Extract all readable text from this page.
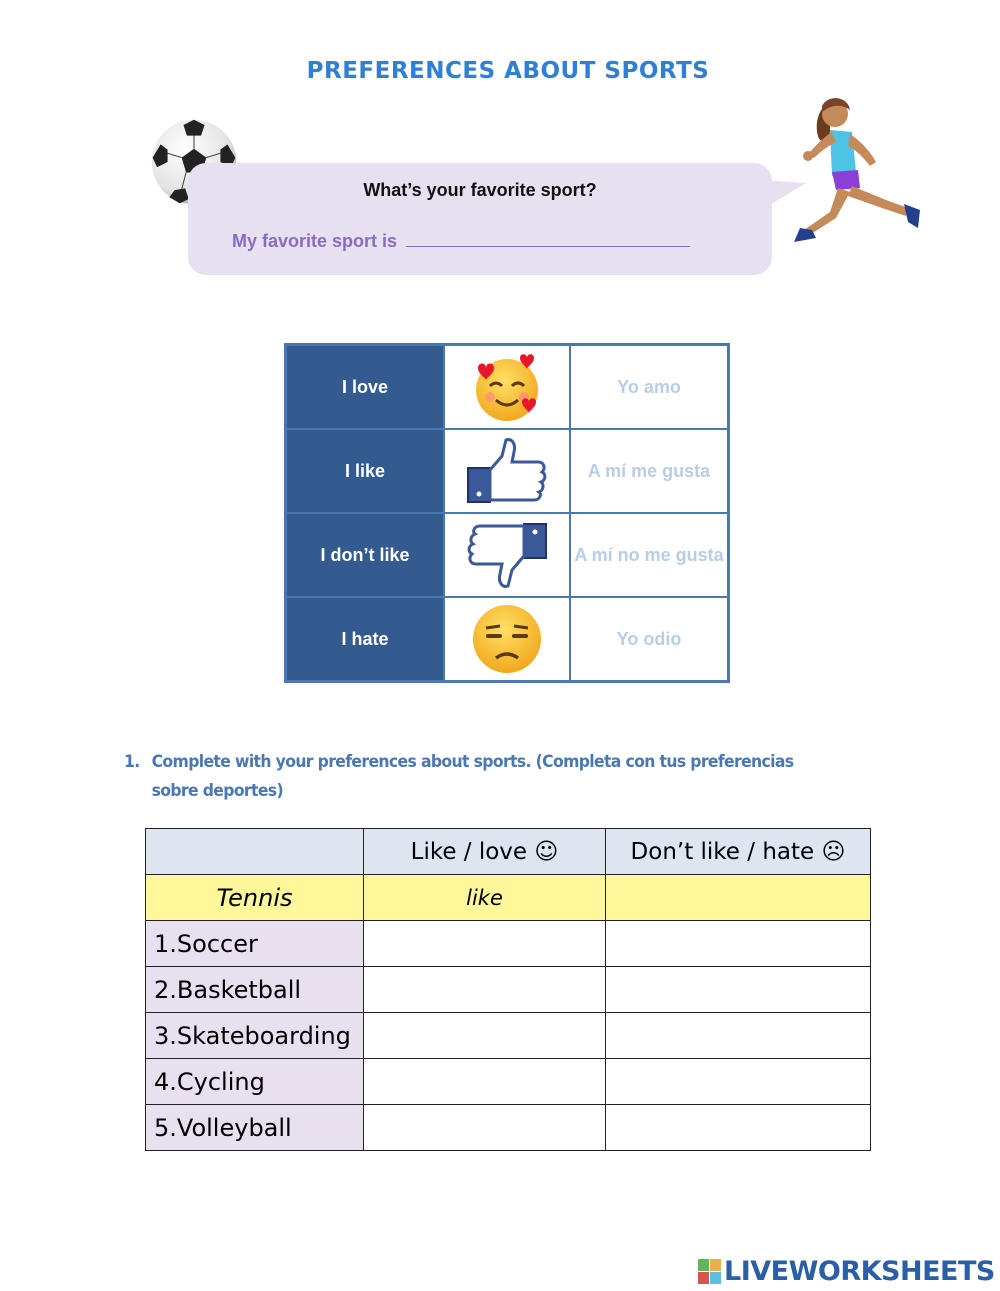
PREFERENCES ABOUT SPORTS
What’s your favorite sport?
My favorite sport is
I love		Yo amo
I like		A mí me gusta
I don’t like		A mí no me gusta
I hate		Yo odio
1. Complete with your preferences about sports. (Completa con tus preferencias sobre deportes)
	Like / love ☺	Don’t like / hate ☹
Tennis	like	
1.Soccer		
2.Basketball		
3.Skateboarding		
4.Cycling		
5.Volleyball		
LIVEWORKSHEETS
